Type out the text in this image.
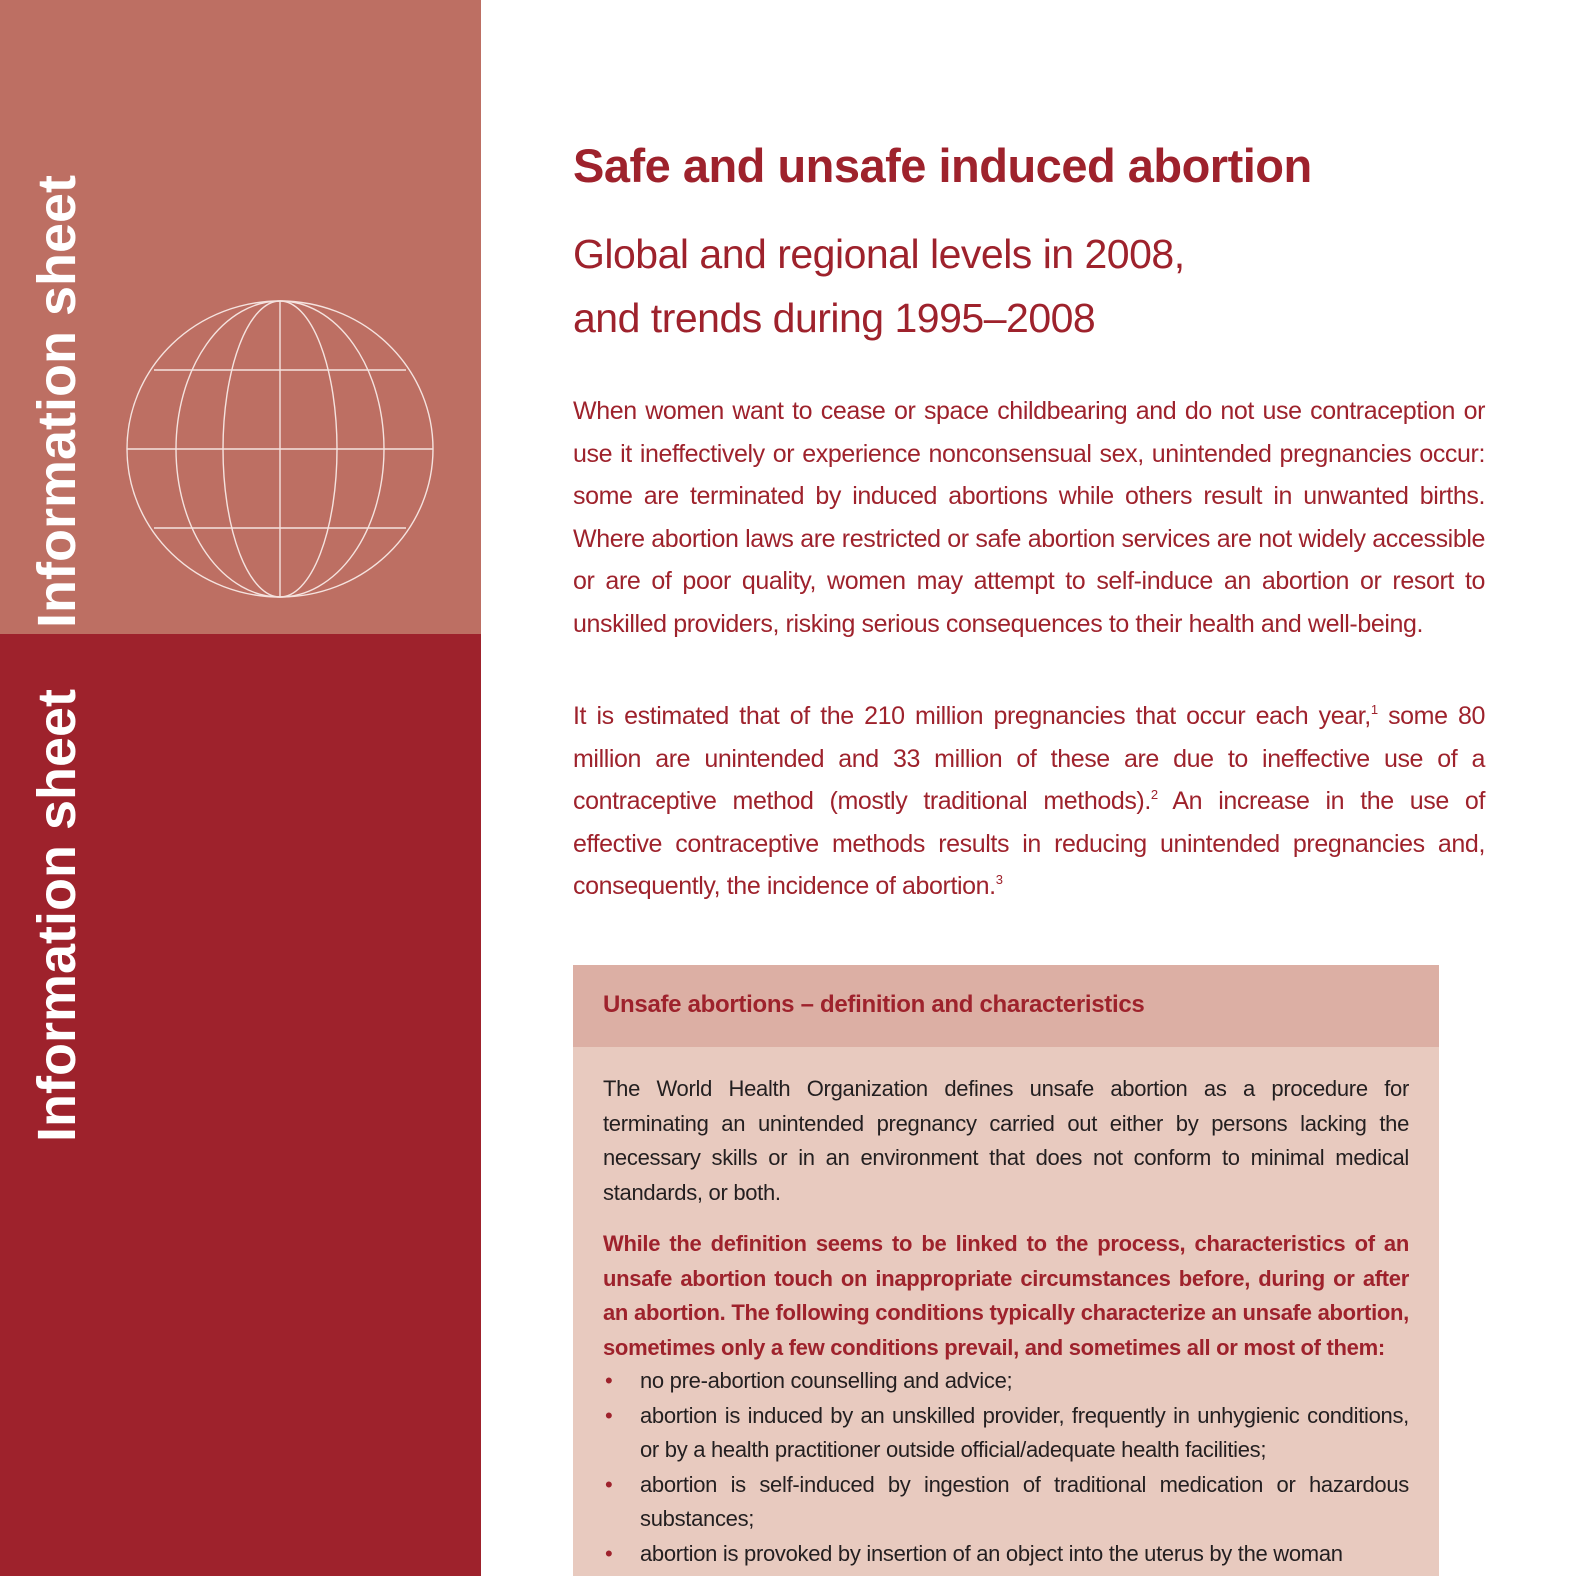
Information sheet
Information sheet
Safe and unsafe induced abortion
Global and regional levels in 2008,
and trends during 1995–2008
When women want to cease or space childbearing and do not use contraception or use it ineffectively or experience nonconsensual sex, unintended pregnancies occur: some are terminated by induced abortions while others result in unwanted births. Where abortion laws are restricted or safe abortion services are not widely accessible or are of poor quality, women may attempt to self-induce an abortion or resort to unskilled providers, risking serious consequences to their health and well-being.
It is estimated that of the 210 million pregnancies that occur each year,$^1$ some 80 million are unintended and 33 million of these are due to ineffective use of a contraceptive method (mostly traditional methods).$^2$ An increase in the use of effective contraceptive methods results in reducing unintended pregnancies and, consequently, the incidence of abortion.$^3$
Unsafe abortions – definition and characteristics
The World Health Organization defines unsafe abortion as a procedure for terminating an unintended pregnancy carried out either by persons lacking the necessary skills or in an environment that does not conform to minimal medical standards, or both.
While the definition seems to be linked to the process, characteristics of an unsafe abortion touch on inappropriate circumstances before, during or after an abortion. The following conditions typically characterize an unsafe abortion, sometimes only a few conditions prevail, and sometimes all or most of them:
• no pre-abortion counselling and advice;
• abortion is induced by an unskilled provider, frequently in unhygienic conditions, or by a health practitioner outside official/adequate health facilities;
• abortion is self-induced by ingestion of traditional medication or hazardous substances;
• abortion is provoked by insertion of an object into the uterus by the woman
